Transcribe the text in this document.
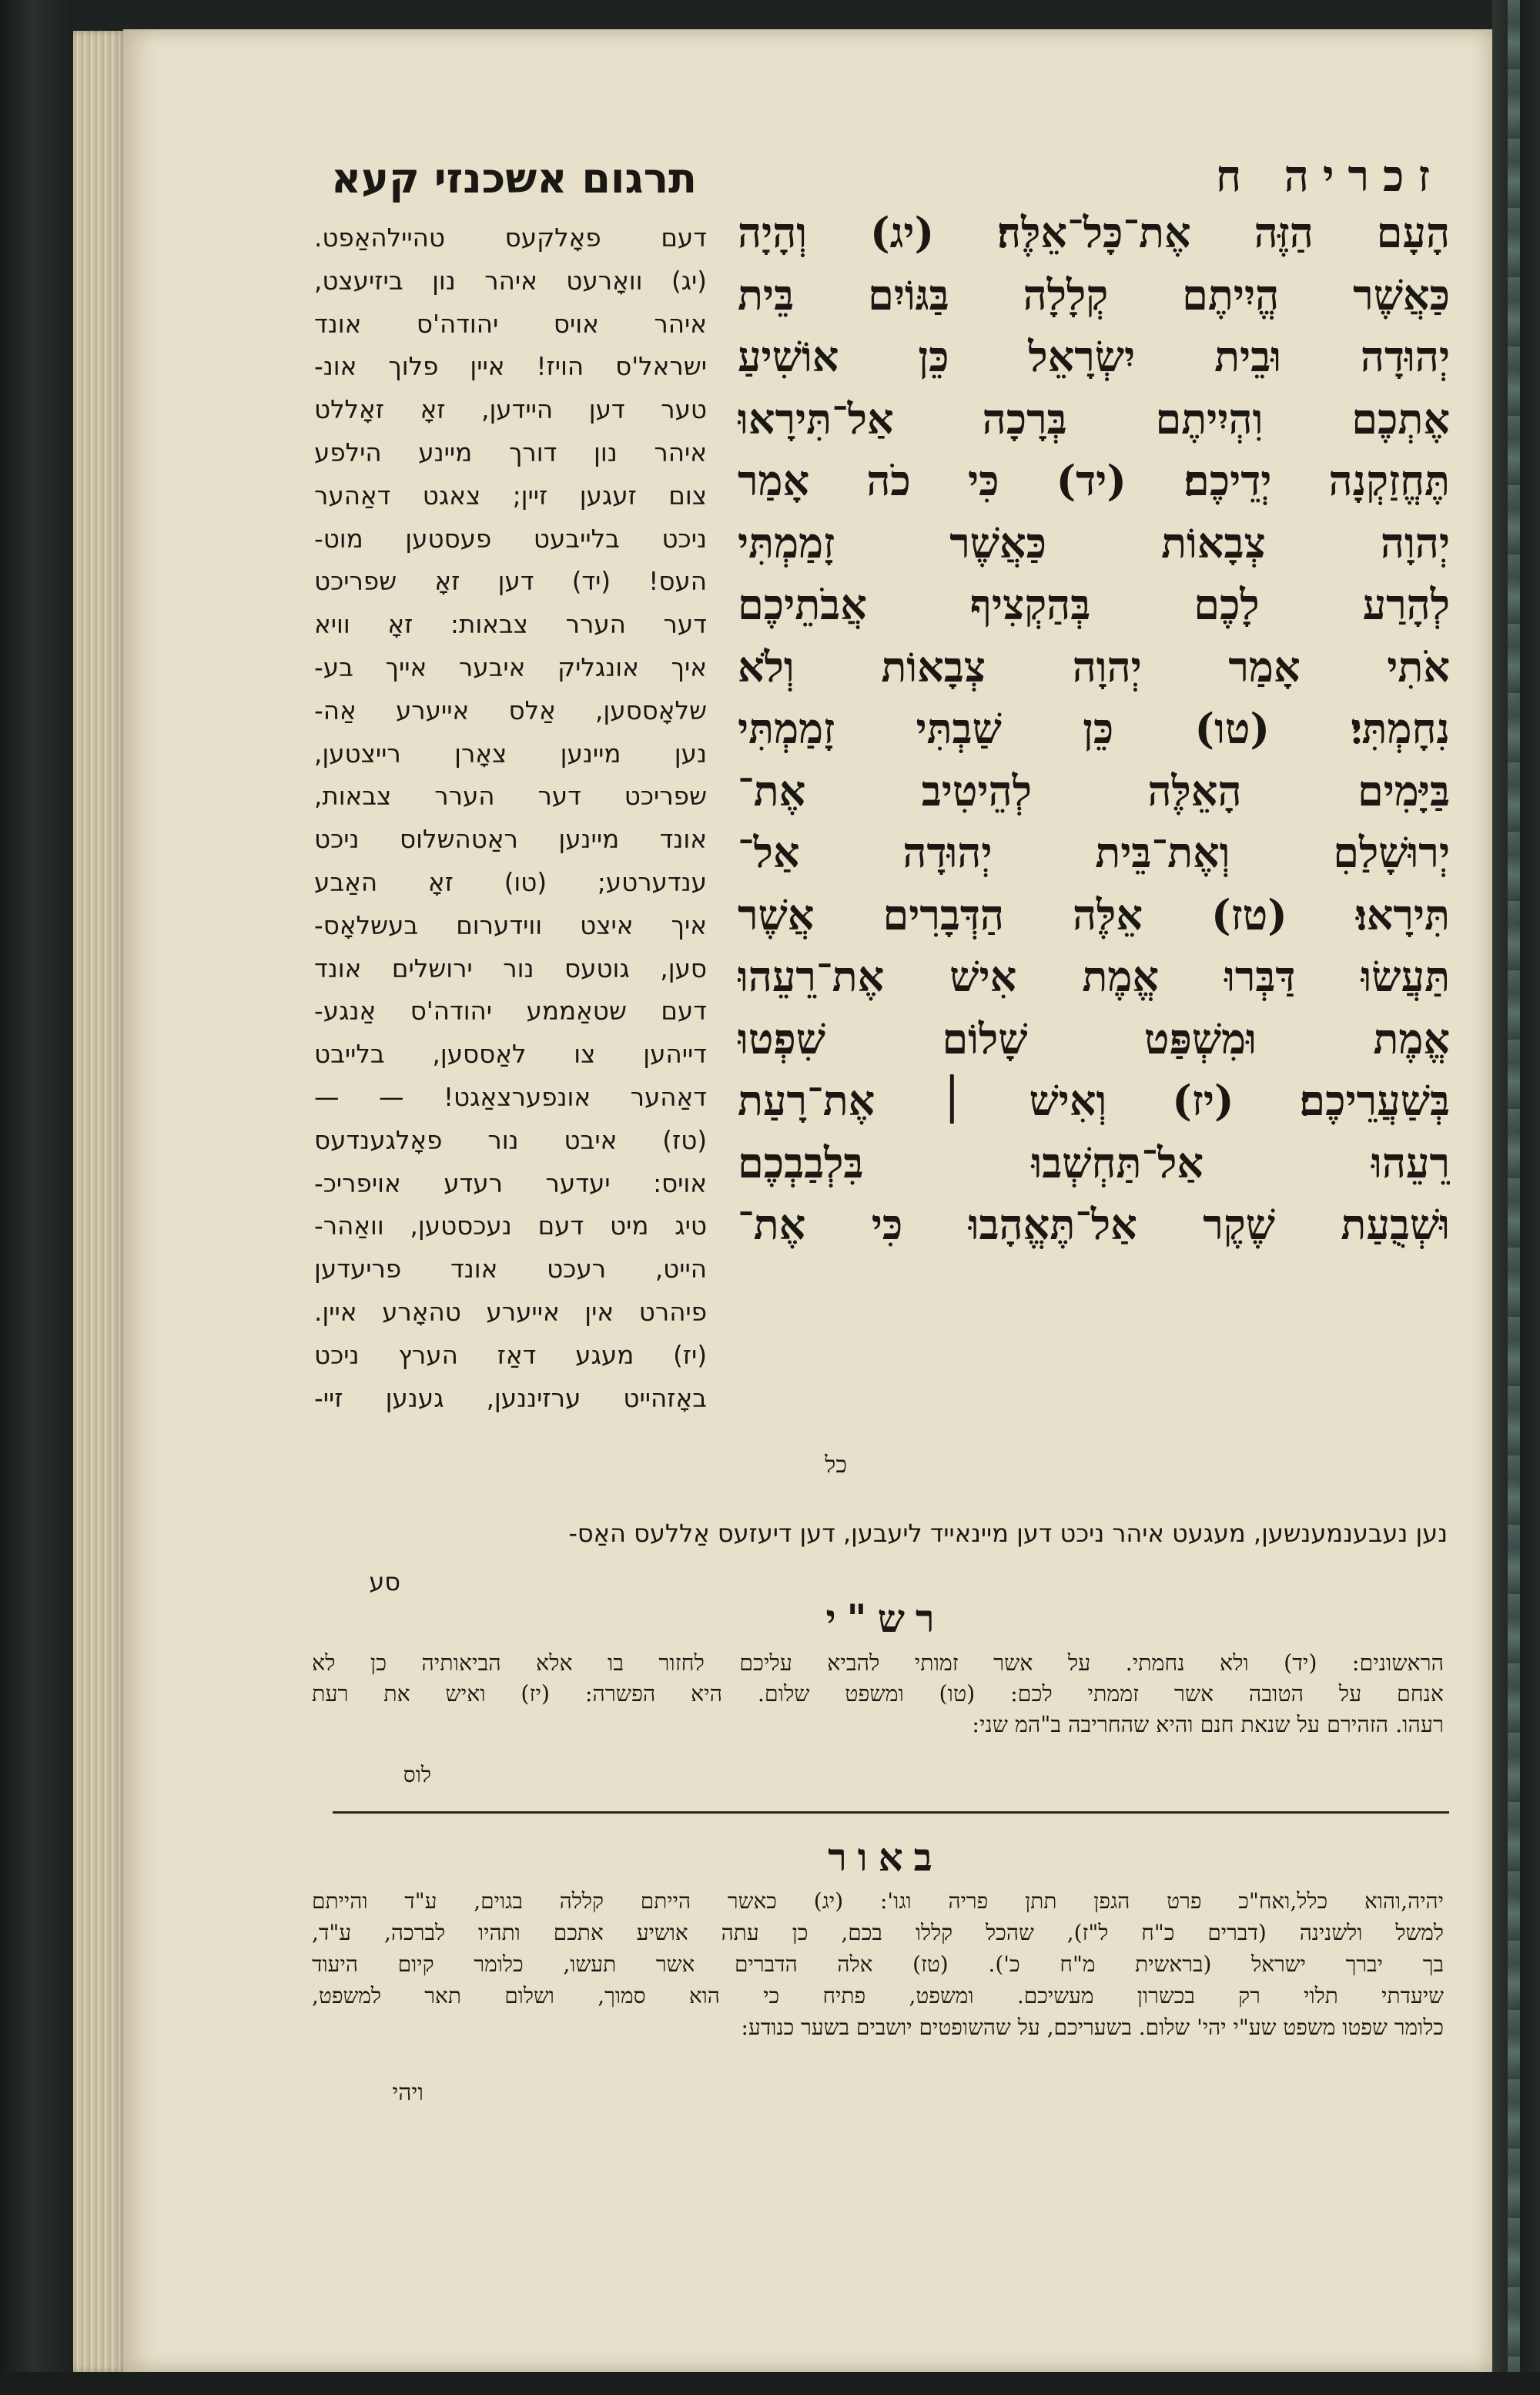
תרגום אשכנזי קעא	זכריה ח
דעם פאָלקעס טהיילהאַפט.
(יג) וואָרעט איהר נון ביזיעצט,
איהר אויס יהודה'ס אונד
ישראל'ס הויז! איין פלוך אונ-
טער דען היידען, זאָ זאָללט
איהר נון דורך מיינע הילפע
צום זעגען זיין; צאגט דאַהער
ניכט בלייבעט פעסטען מוט-
העס! (יד) דען זאָ שפריכט
דער הערר צבאות: זאָ וויא
איך אונגליק איבער אייך בע-
שלאָססען, אַלס אייערע אַה-
נען מיינען צאָרן רייצטען,
שפריכט דער הערר צבאות,
אונד מיינען ראַטהשלוס ניכט
ענדערטע; (טו) זאָ האַבע
איך איצט ווידערום בעשלאָס-
סען, גוטעס נור ירושלים אונד
דעם שטאַממע יהודה'ס אַנגע-
דייהען צו לאַססען, בלייבט
דאַהער אונפערצאַגט! — —
(טז) איבט נור פאָלגענדעס
אויס: יעדער רעדע אויפריכ-
טיג מיט דעם נעכסטען, וואַהר-
הייט, רעכט אונד פריעדען
פיהרט אין אייערע טהאָרע איין.
(יז) מעגע דאַז הערץ ניכט
באָזהייט ערזיננען, גענען זיי-
הָעָם הַזֶּה אֶת־כָּל־אֵלֶּה׃ (יג) וְהָיָה
כַּאֲשֶׁר הֱיִיתֶם קְלָלָה בַּגּוֹיִם בֵּית
יְהוּדָה וּבֵית יִשְׂרָאֵל כֵּן אוֹשִׁיעַ
אֶתְכֶם וִהְיִיתֶם בְּרָכָה אַל־תִּירָאוּ
תֶּחֱזַקְנָה יְדֵיכֶם׃ (יד) כִּי כֹה אָמַר
יְהוָה צְבָאוֹת כַּאֲשֶׁר זָמַמְתִּי
לְהָרַע לָכֶם בְּהַקְצִיף אֲבֹתֵיכֶם
אֹתִי אָמַר יְהוָה צְבָאוֹת וְלֹא
נִחָמְתִּי׃ (טו) כֵּן שַׁבְתִּי זָמַמְתִּי
בַּיָּמִים הָאֵלֶּה לְהֵיטִיב אֶת־
יְרוּשָׁלַםִ וְאֶת־בֵּית יְהוּדָה אַל־
תִּירָאוּ׃ (טז) אֵלֶּה הַדְּבָרִים אֲשֶׁר
תַּעֲשׂוּ דַּבְּרוּ אֱמֶת אִישׁ אֶת־רֵעֵהוּ
אֱמֶת וּמִשְׁפַּט שָׁלוֹם שִׁפְטוּ
בְּשַׁעֲרֵיכֶם׃ (יז) וְאִישׁ ׀ אֶת־רָעַת
רֵעֵהוּ אַל־תַּחְשְׁבוּ בִּלְבַבְכֶם
וּשְׁבֻעַת שֶׁקֶר אַל־תֶּאֱהָבוּ כִּי אֶת־
כל
נען נעבענמענשען, מעגעט איהר ניכט דען מיינאייד ליעבען, דען דיעזעס אַללעס האַס-
סע
רש"י
הראשונים: (יד) ולא נחמתי. על אשר זמותי להביא עליכם לחזור בו אלא הביאותיה כן לא
אנחם על הטובה אשר זממתי לכם: (טו) ומשפט שלום. היא הפשרה: (יז) ואיש את רעת
רעהו. הזהירם על שנאת חנם והיא שהחריבה ב"המ שני:
לוס
באור
יהיה,והוא כלל,ואח"כ פרט הגפן תתן פריה וגו': (יג) כאשר הייתם קללה בגוים, ע"ד והייתם
למשל ולשנינה (דברים כ"ח ל"ז), שהכל קללו בכם, כן עתה אושיע אתכם ותהיו לברכה, ע"ד,
בך יברך ישראל (בראשית מ"ח כ'). (טז) אלה הדברים אשר תעשו, כלומר קיום היעוד
שיעדתי תלוי רק בכשרון מעשיכם. ומשפט, פתיח כי הוא סמוך, ושלום תאר למשפט,
כלומר שפטו משפט שע"י יהי' שלום. בשעריכם, על שהשופטים יושבים בשער כנודע:
ויהי
